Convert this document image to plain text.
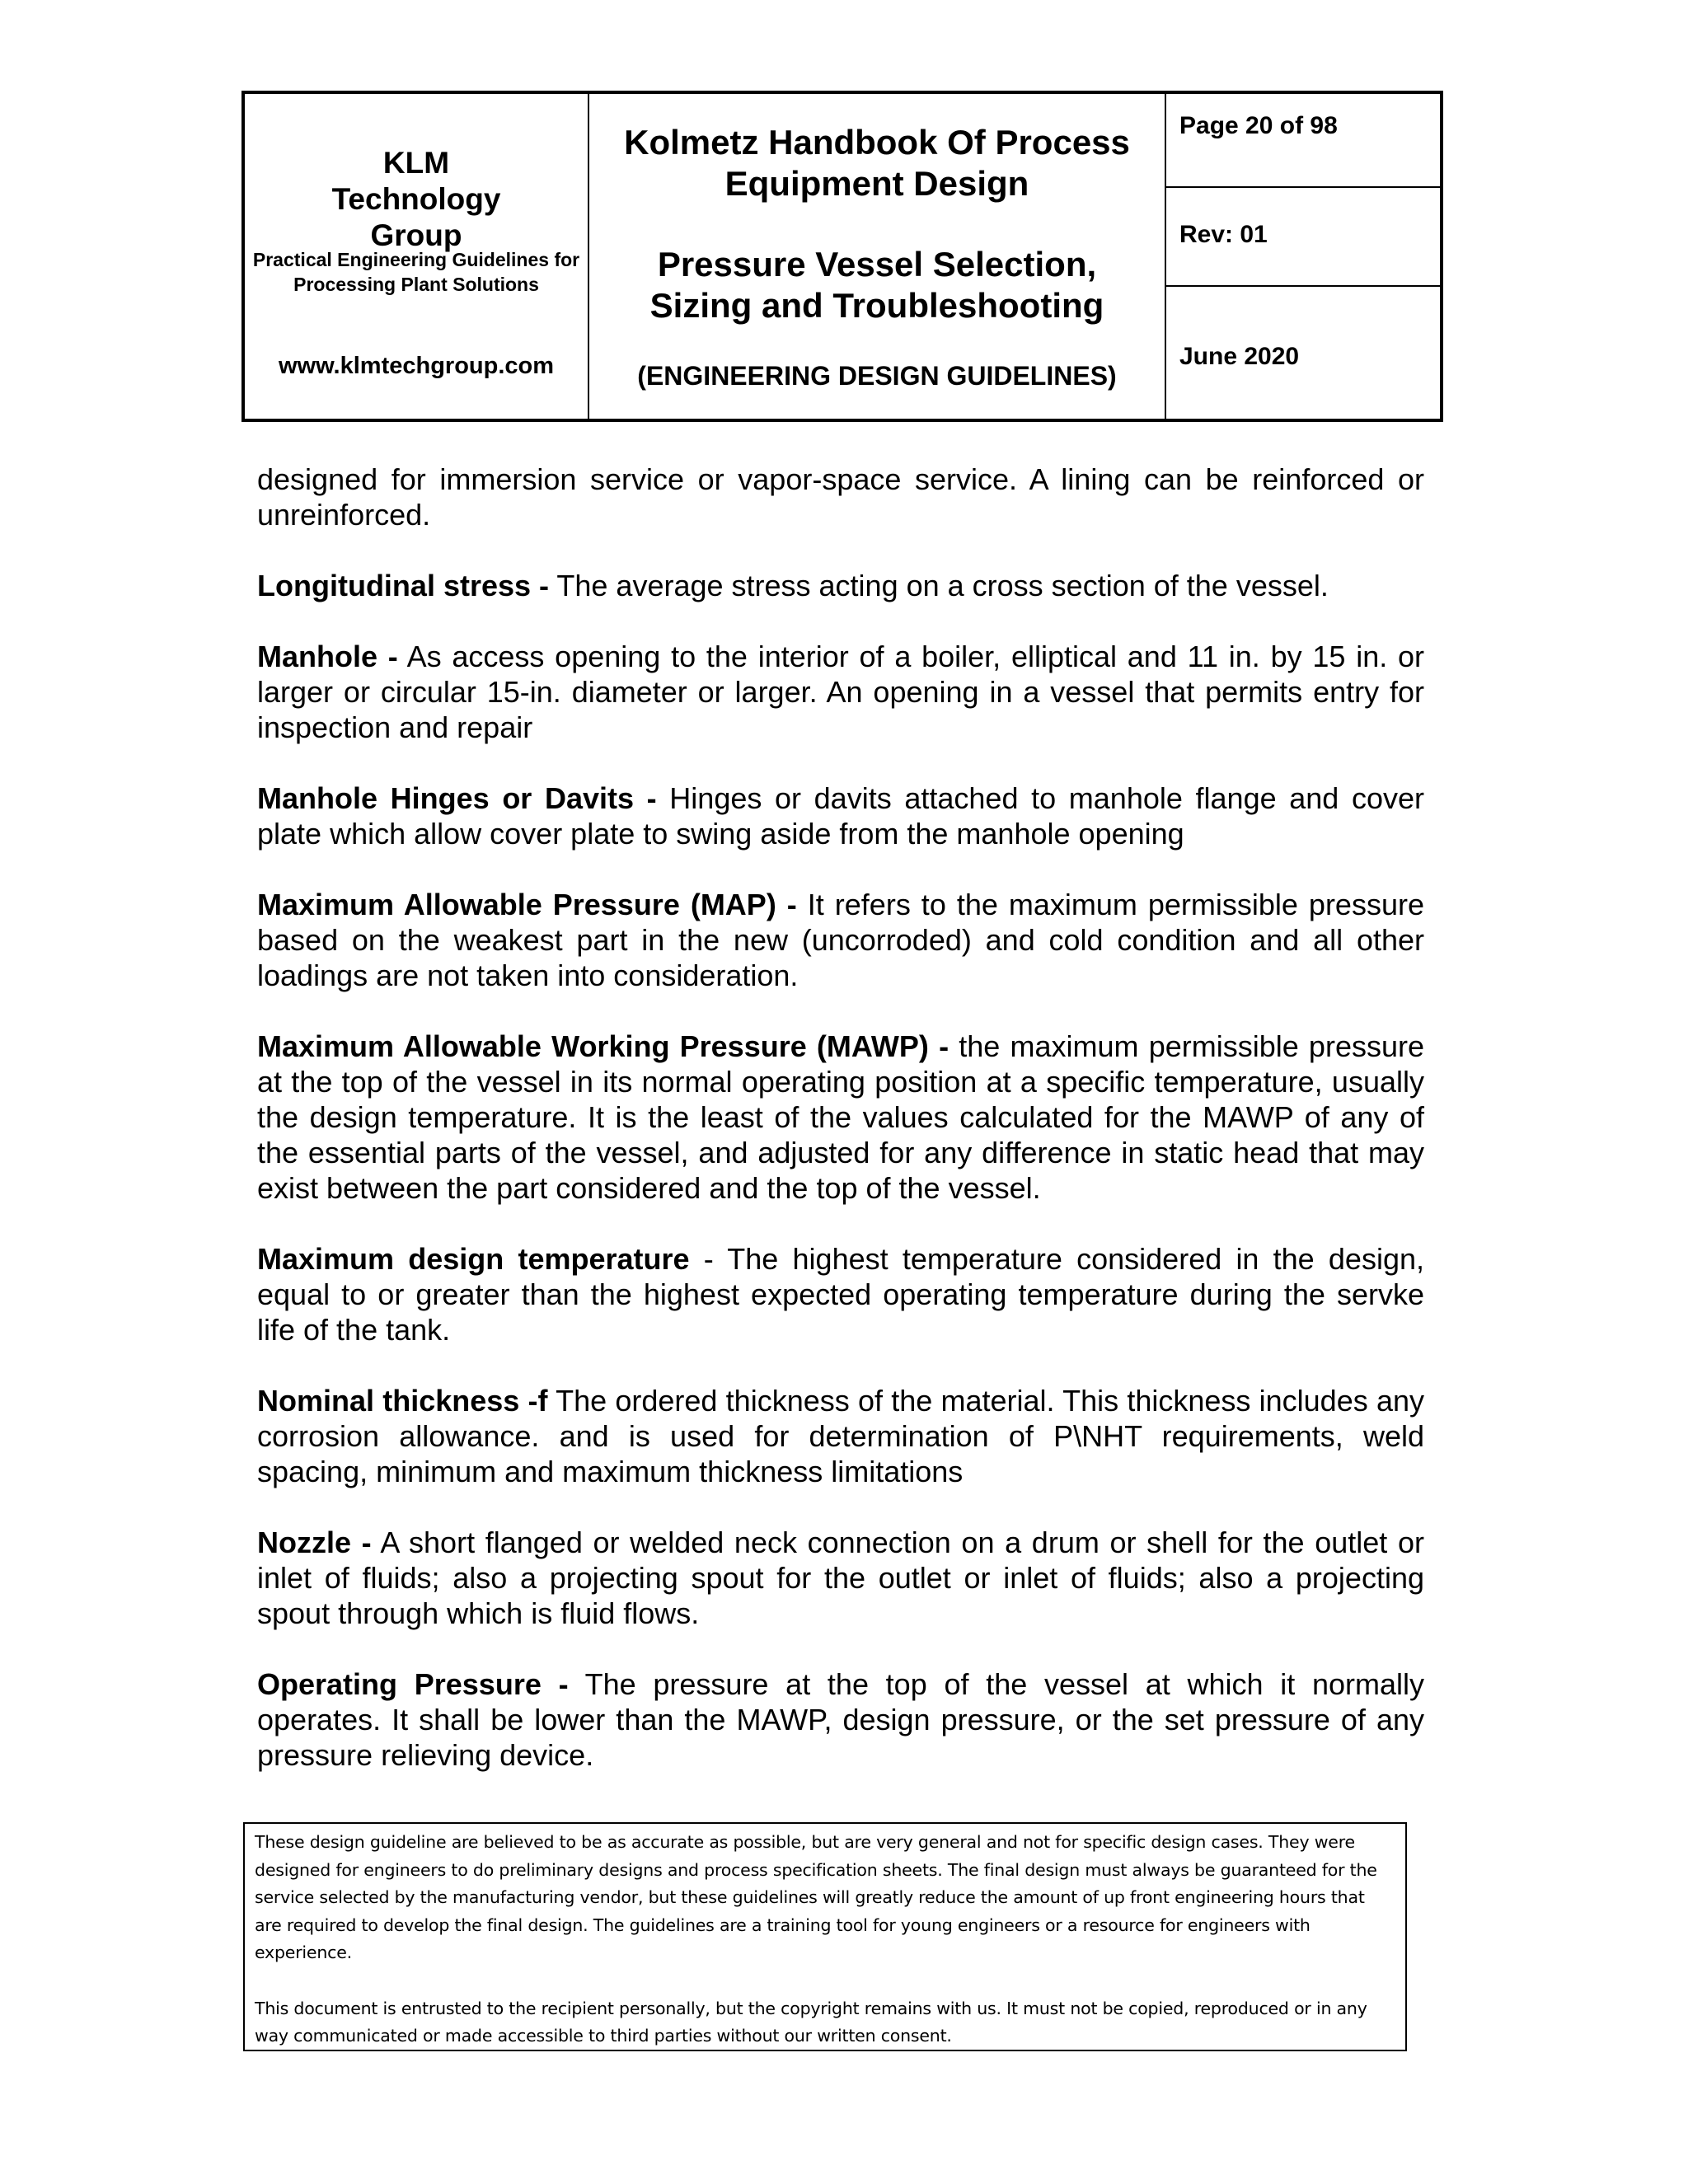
KLM Technology Group
Practical Engineering Guidelines for Processing Plant Solutions
www.klmtechgroup.com
Kolmetz Handbook Of Process Equipment Design
Pressure Vessel Selection, Sizing and Troubleshooting
(ENGINEERING DESIGN GUIDELINES)
Page 20 of 98
Rev: 01
June 2020

designed for immersion service or vapor-space service. A lining can be reinforced or unreinforced.

Longitudinal stress - The average stress acting on a cross section of the vessel.

Manhole - As access opening to the interior of a boiler, elliptical and 11 in. by 15 in. or larger or circular 15-in. diameter or larger. An opening in a vessel that permits entry for inspection and repair

Manhole Hinges or Davits - Hinges or davits attached to manhole flange and cover plate which allow cover plate to swing aside from the manhole opening

Maximum Allowable Pressure (MAP) - It refers to the maximum permissible pressure based on the weakest part in the new (uncorroded) and cold condition and all other loadings are not taken into consideration.

Maximum Allowable Working Pressure (MAWP) - the maximum permissible pressure at the top of the vessel in its normal operating position at a specific temperature, usually the design temperature. It is the least of the values calculated for the MAWP of any of the essential parts of the vessel, and adjusted for any difference in static head that may exist between the part considered and the top of the vessel.

Maximum design temperature - The highest temperature considered in the design, equal to or greater than the highest expected operating temperature during the servke life of the tank.

Nominal thickness -f The ordered thickness of the material. This thickness includes any corrosion allowance. and is used for determination of P\NHT requirements, weld spacing, minimum and maximum thickness limitations

Nozzle - A short flanged or welded neck connection on a drum or shell for the outlet or inlet of fluids; also a projecting spout for the outlet or inlet of fluids; also a projecting spout through which is fluid flows.

Operating Pressure - The pressure at the top of the vessel at which it normally operates. It shall be lower than the MAWP, design pressure, or the set pressure of any pressure relieving device.

These design guideline are believed to be as accurate as possible, but are very general and not for specific design cases. They were designed for engineers to do preliminary designs and process specification sheets. The final design must always be guaranteed for the service selected by the manufacturing vendor, but these guidelines will greatly reduce the amount of up front engineering hours that are required to develop the final design. The guidelines are a training tool for young engineers or a resource for engineers with experience.

This document is entrusted to the recipient personally, but the copyright remains with us. It must not be copied, reproduced or in any way communicated or made accessible to third parties without our written consent.
